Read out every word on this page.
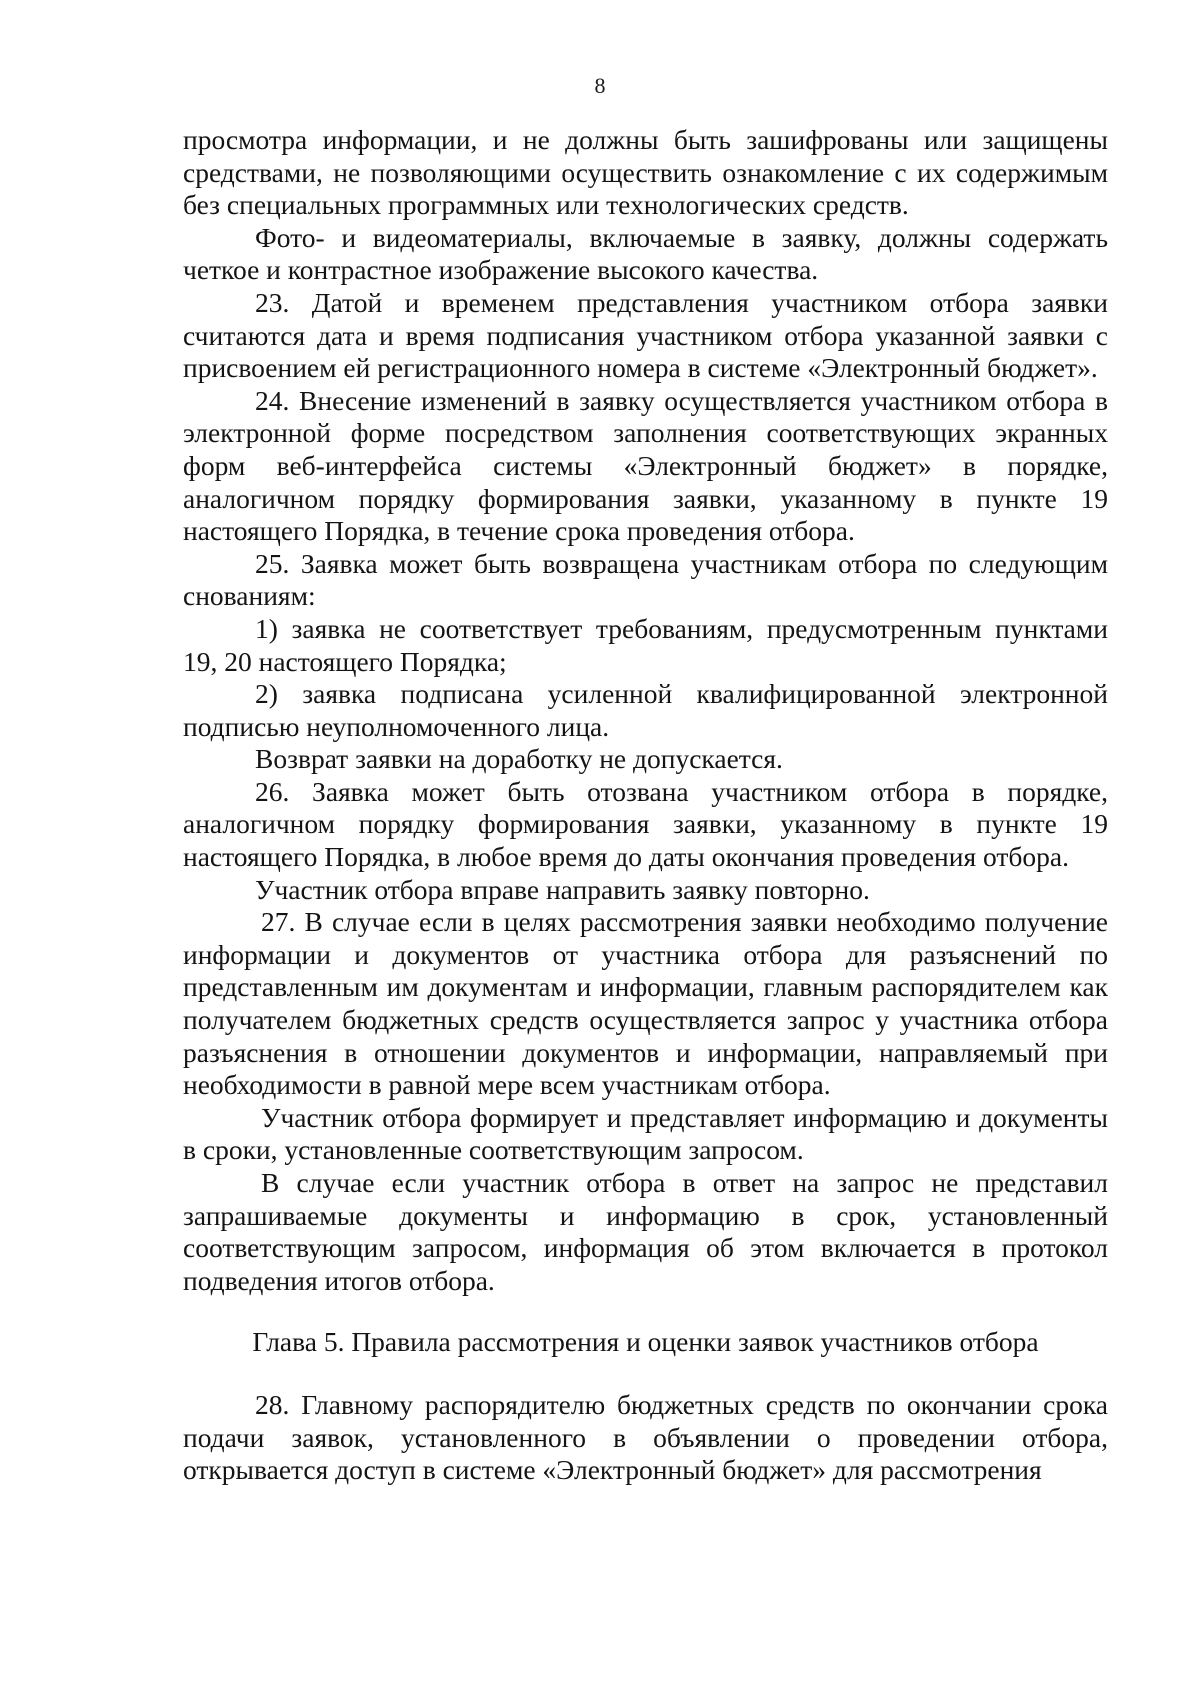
8

просмотра информации, и не должны быть зашифрованы или защищены средствами, не позволяющими осуществить ознакомление с их содержимым без специальных программных или технологических средств.

Фото- и видеоматериалы, включаемые в заявку, должны содержать четкое и контрастное изображение высокого качества.

23. Датой и временем представления участником отбора заявки считаются дата и время подписания участником отбора указанной заявки с присвоением ей регистрационного номера в системе «Электронный бюджет».

24. Внесение изменений в заявку осуществляется участником отбора в электронной форме посредством заполнения соответствующих экранных форм веб-интерфейса системы «Электронный бюджет» в порядке, аналогичном порядку формирования заявки, указанному в пункте 19 настоящего Порядка, в течение срока проведения отбора.

25. Заявка может быть возвращена участникам отбора по следующим снованиям:

1) заявка не соответствует требованиям, предусмотренным пунктами 19, 20 настоящего Порядка;

2) заявка подписана усиленной квалифицированной электронной подписью неуполномоченного лица.

Возврат заявки на доработку не допускается.

26. Заявка может быть отозвана участником отбора в порядке, аналогичном порядку формирования заявки, указанному в пункте 19 настоящего Порядка, в любое время до даты окончания проведения отбора.

Участник отбора вправе направить заявку повторно.

27. В случае если в целях рассмотрения заявки необходимо получение информации и документов от участника отбора для разъяснений по представленным им документам и информации, главным распорядителем как получателем бюджетных средств осуществляется запрос у участника отбора разъяснения в отношении документов и информации, направляемый при необходимости в равной мере всем участникам отбора.

Участник отбора формирует и представляет информацию и документы в сроки, установленные соответствующим запросом.

В случае если участник отбора в ответ на запрос не представил запрашиваемые документы и информацию в срок, установленный соответствующим запросом, информация об этом включается в протокол подведения итогов отбора.

Глава 5. Правила рассмотрения и оценки заявок участников отбора

28. Главному распорядителю бюджетных средств по окончании срока подачи заявок, установленного в объявлении о проведении отбора, открывается доступ в системе «Электронный бюджет» для рассмотрения
